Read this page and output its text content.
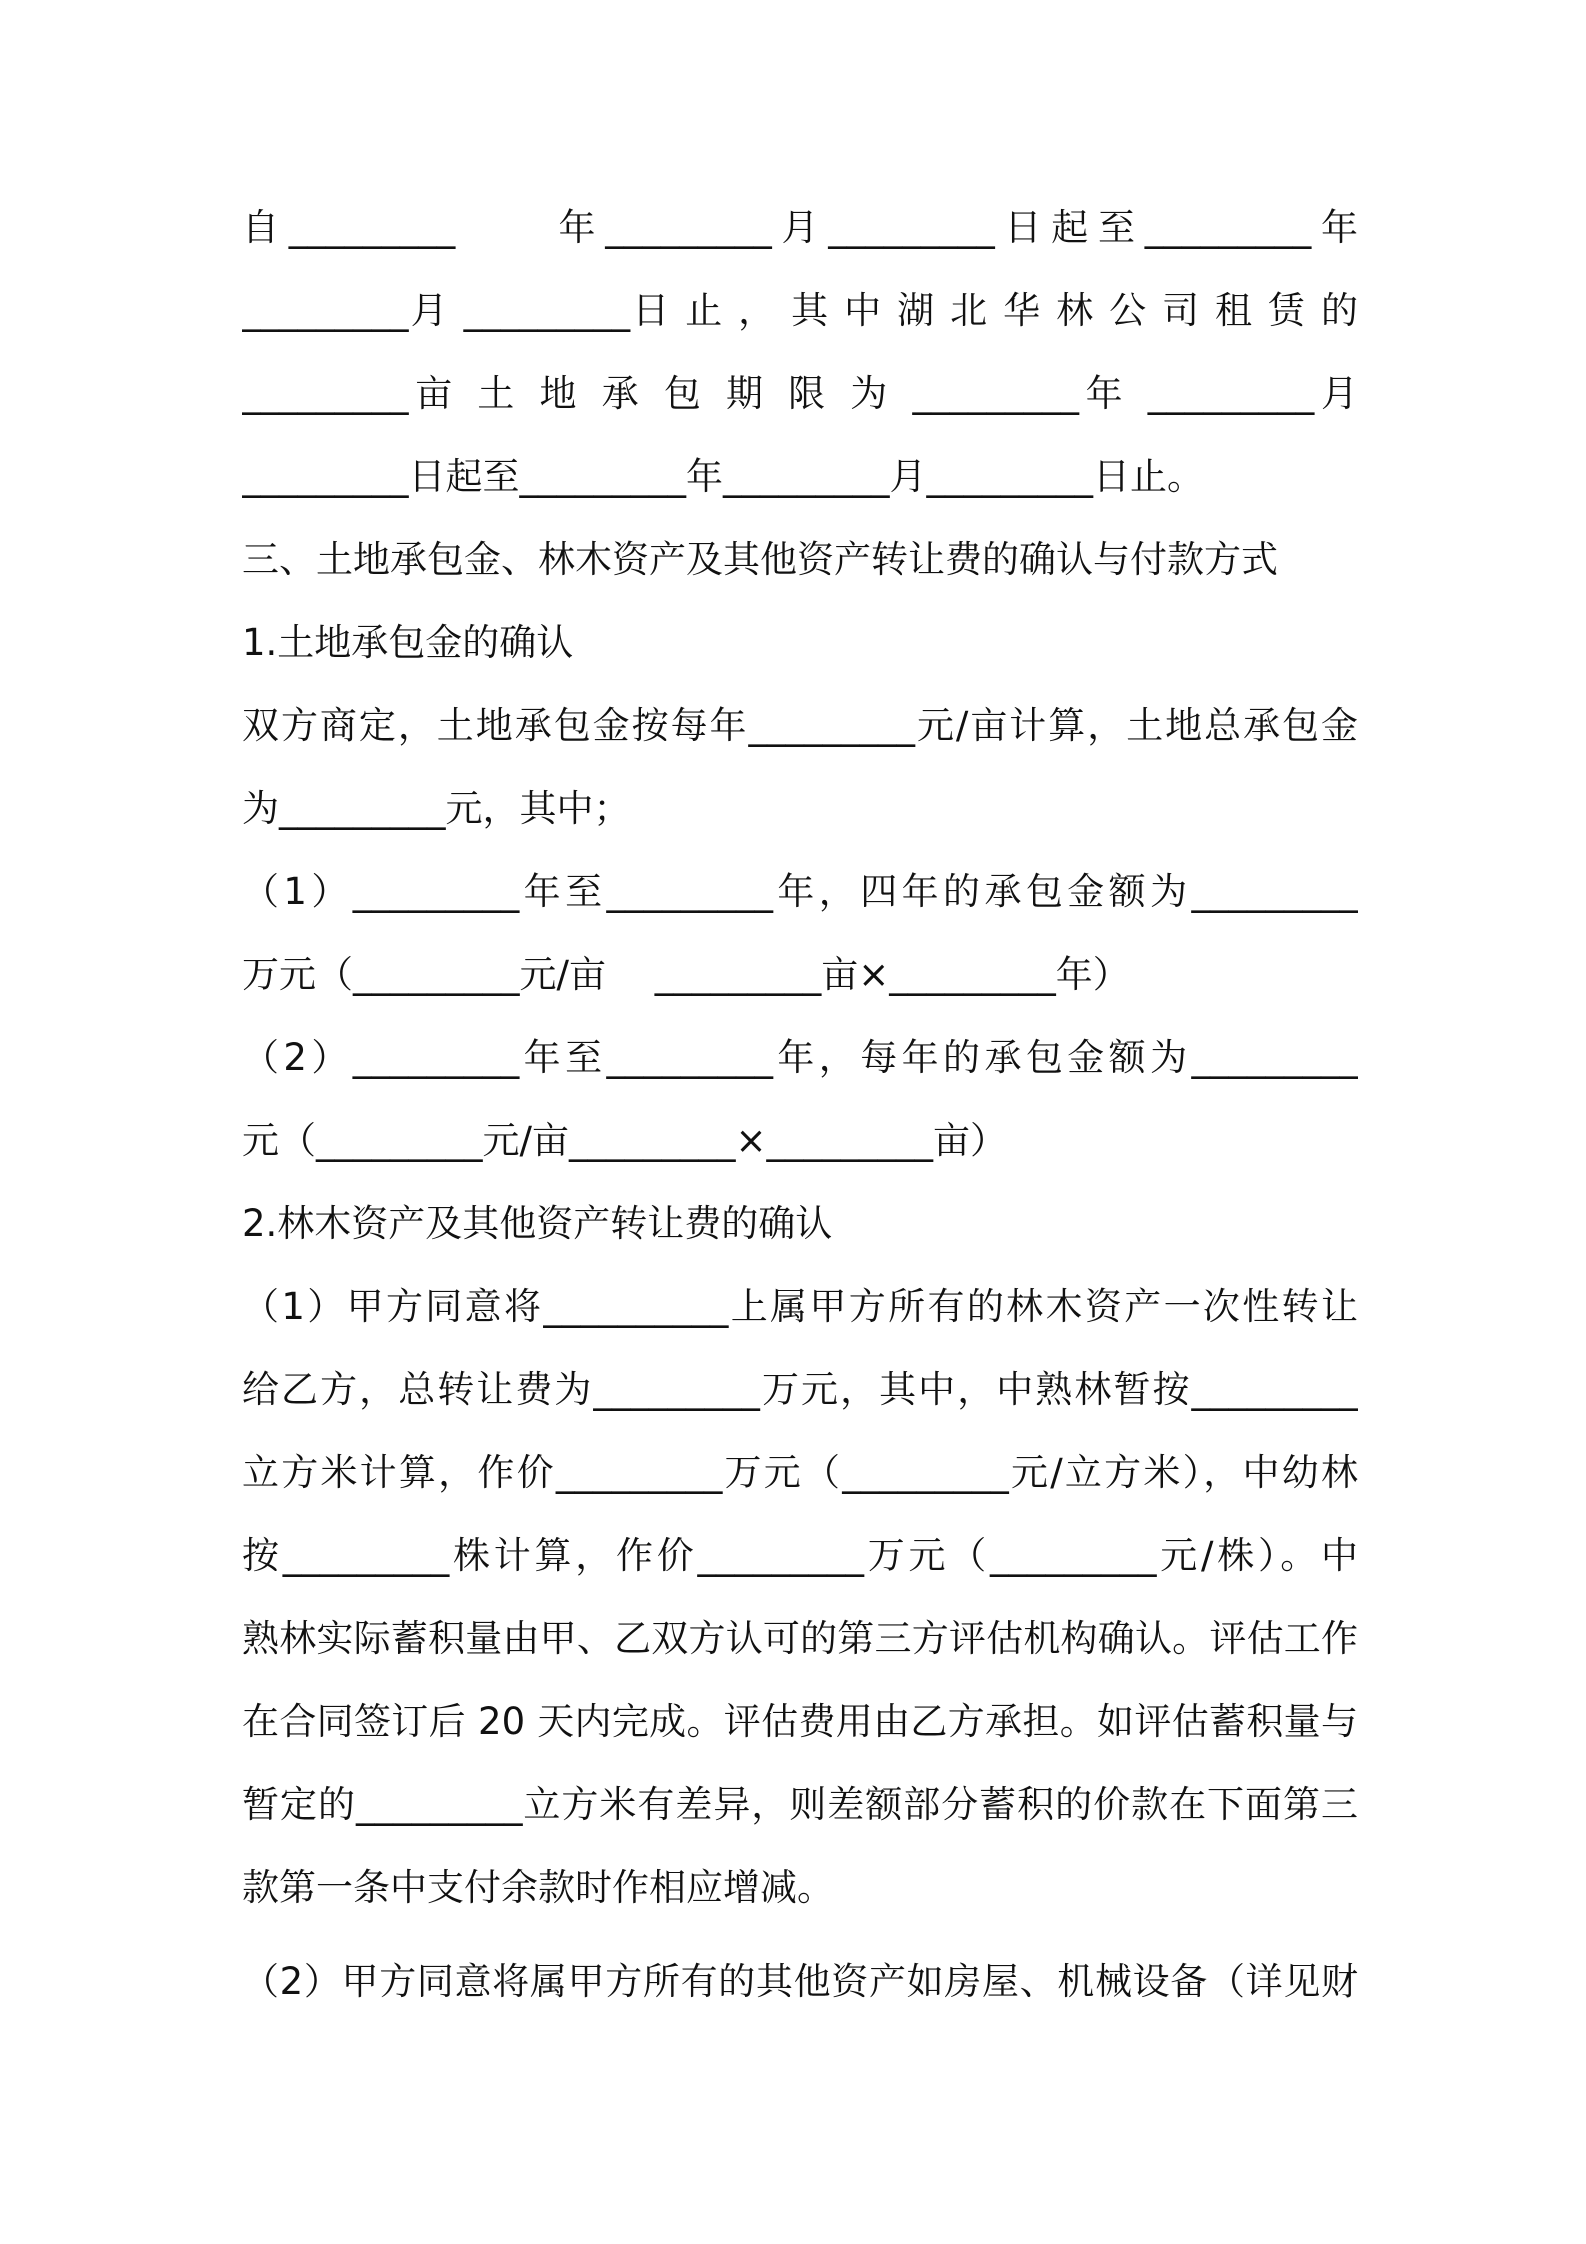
自_________　　年_________月_________日起至_________年
_________月 _________日 止 ， 其 中 湖 北 华 林 公 司 租 赁 的
_________亩 土 地 承 包 期 限 为 _________年 _________月
_________日起至_________年_________月_________日止。
三、土地承包金、林木资产及其他资产转让费的确认与付款方式
1.土地承包金的确认
双方商定，土地承包金按每年_________元/亩计算，土地总承包金
为_________元，其中；
（1）_________年至_________年，四年的承包金额为_________
万元（_________元/亩　 _________亩×_________年）
（2）_________年至_________年，每年的承包金额为_________
元（_________元/亩_________×_________亩）
2.林木资产及其他资产转让费的确认
（1）甲方同意将__________上属甲方所有的林木资产一次性转让
给乙方，总转让费为_________万元，其中，中熟林暂按_________
立方米计算，作价_________万元（_________元/立方米），中幼林
按_________株计算，作价_________万元（_________元/株）。中
熟林实际蓄积量由甲、乙双方认可的第三方评估机构确认。评估工作
在合同签订后 20 天内完成。评估费用由乙方承担。如评估蓄积量与
暂定的_________立方米有差异，则差额部分蓄积的价款在下面第三
款第一条中支付余款时作相应增减。
（2）甲方同意将属甲方所有的其他资产如房屋、机械设备（详见财
